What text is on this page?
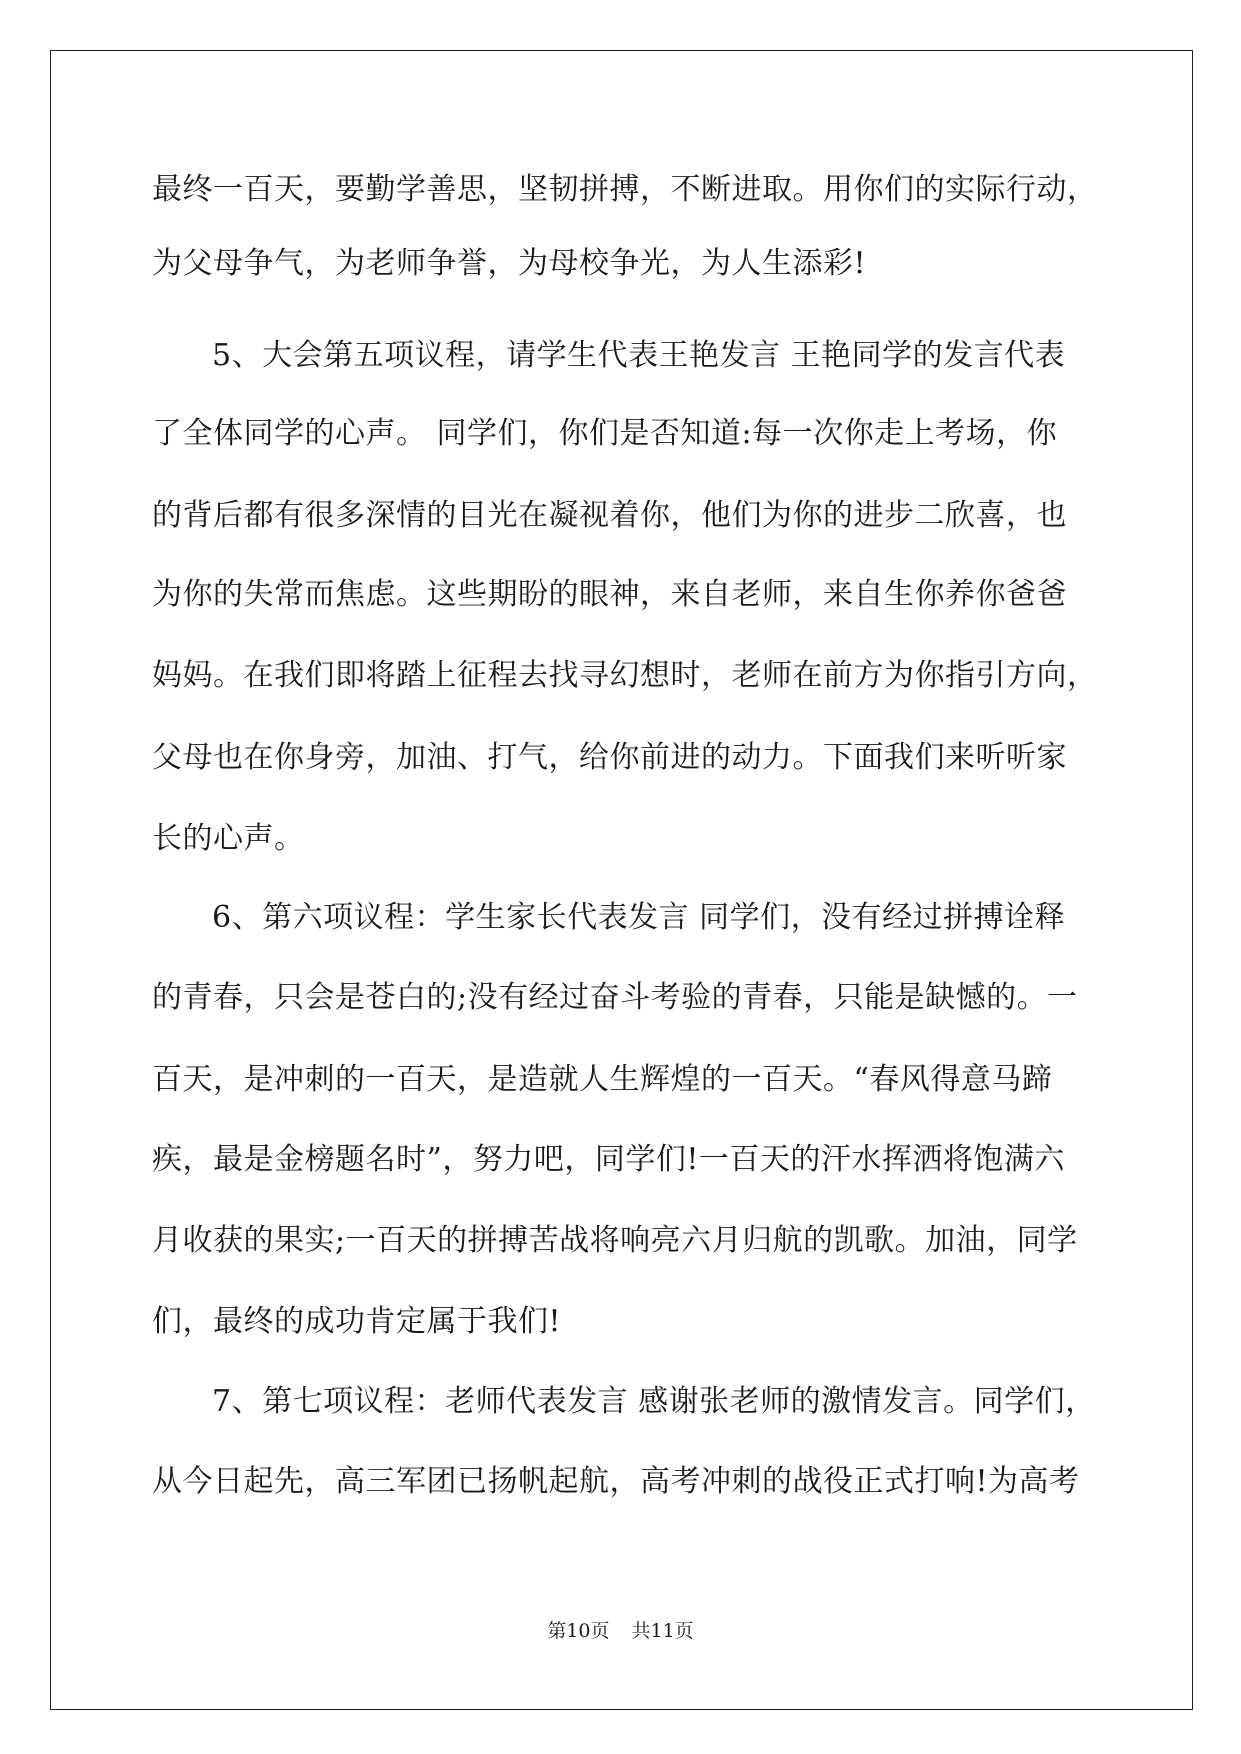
最终一百天，要勤学善思，坚韧拼搏，不断进取。用你们的实际行动，
为父母争气，为老师争誉，为母校争光，为人生添彩!
5、大会第五项议程，请学生代表王艳发言 王艳同学的发言代表
了全体同学的心声。 同学们，你们是否知道:每一次你走上考场，你
的背后都有很多深情的目光在凝视着你，他们为你的进步二欣喜，也
为你的失常而焦虑。这些期盼的眼神，来自老师，来自生你养你爸爸
妈妈。在我们即将踏上征程去找寻幻想时，老师在前方为你指引方向，
父母也在你身旁，加油、打气，给你前进的动力。下面我们来听听家
长的心声。
6、第六项议程：学生家长代表发言 同学们，没有经过拼搏诠释
的青春，只会是苍白的;没有经过奋斗考验的青春，只能是缺憾的。一
百天，是冲刺的一百天，是造就人生辉煌的一百天。“春风得意马蹄
疾，最是金榜题名时”，努力吧，同学们!一百天的汗水挥洒将饱满六
月收获的果实;一百天的拼搏苦战将响亮六月归航的凯歌。加油，同学
们，最终的成功肯定属于我们!
7、第七项议程：老师代表发言 感谢张老师的激情发言。同学们，
从今日起先，高三军团已扬帆起航，高考冲刺的战役正式打响!为高考
第10页 共11页
